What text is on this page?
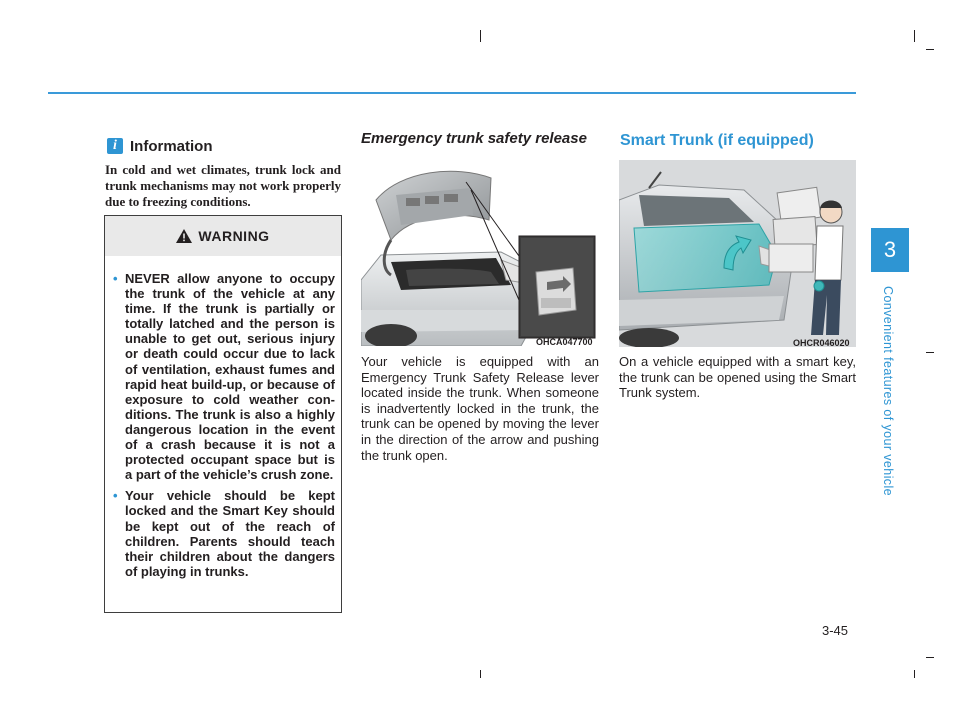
3
Convenient features of your vehicle
i Information
In cold and wet climates, trunk lock and trunk mechanisms may not work properly due to freezing conditions.
WARNING
• NEVER allow anyone to occupy the trunk of the vehicle at any time. If the trunk is partially or totally latched and the person is unable to get out, serious injury or death could occur due to lack of ventilation, exhaust fumes and rapid heat build-up, or because of exposure to cold weather conditions. The trunk is also a highly dangerous location in the event of a crash because it is not a protected occupant space but is a part of the vehicle’s crush zone.
• Your vehicle should be kept locked and the Smart Key should be kept out of the reach of children. Parents should teach their children about the dangers of playing in trunks.
Emergency trunk safety release
OHCA047700
Your vehicle is equipped with an Emergency Trunk Safety Release lever located inside the trunk. When someone is inadvertently locked in the trunk, the trunk can be opened by moving the lever in the direction of the arrow and pushing the trunk open.
Smart Trunk (if equipped)
OHCR046020
On a vehicle equipped with a smart key, the trunk can be opened using the Smart Trunk system.
3-45
